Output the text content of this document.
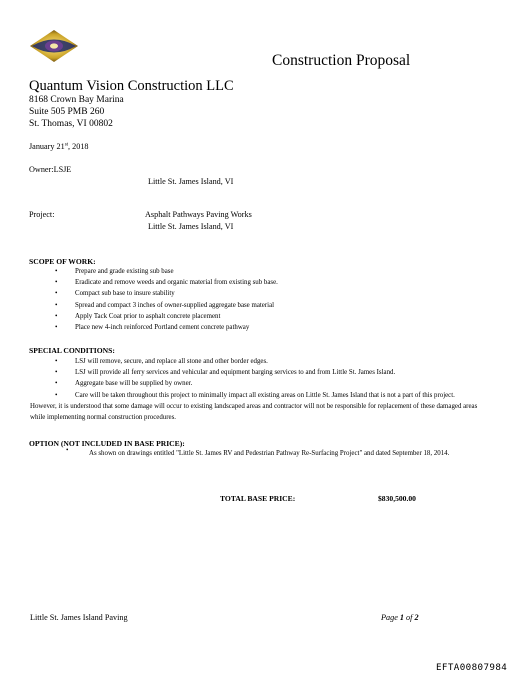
Construction Proposal
Quantum Vision Construction LLC
8168 Crown Bay Marina
Suite 505 PMB 260
St. Thomas, VI 00802
January 21st, 2018
Owner:LSJE
Little St. James Island, VI
Project:	Asphalt Pathways Paving Works
Little St. James Island, VI
SCOPE OF WORK:
• Prepare and grade existing sub base
• Eradicate and remove weeds and organic material from existing sub base.
• Compact sub base to insure stability
• Spread and compact 3 inches of owner-supplied aggregate base material
• Apply Tack Coat prior to asphalt concrete placement
• Place new 4-inch reinforced Portland cement concrete pathway
SPECIAL CONDITIONS:
• LSJ will remove, secure, and replace all stone and other border edges.
• LSJ will provide all ferry services and vehicular and equipment barging services to and from Little St. James Island.
• Aggregate base will be supplied by owner.
• Care will be taken throughout this project to minimally impact all existing areas on Little St. James Island that is not a part of this project. However, it is understood that some damage will occur to existing landscaped areas and contractor will not be responsible for replacement of these damaged areas while implementing normal construction procedures.
OPTION (NOT INCLUDED IN BASE PRICE):
•	As shown on drawings entitled "Little St. James RV and Pedestrian Pathway Re-Surfacing Project" and dated September 18, 2014.
TOTAL BASE PRICE:	$830,500.00
Little St. James Island Paving	Page 1 of 2
EFTA00807984
